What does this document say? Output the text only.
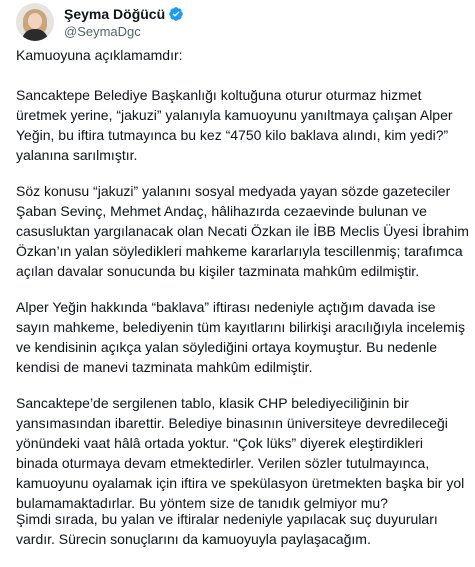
Şeyma Döğücü
@SeymaDgc

Kamuoyuna açıklamamdır:

Sancaktepe Belediye Başkanlığı koltuğuna oturur oturmaz hizmet
üretmek yerine, “jakuzi” yalanıyla kamuoyunu yanıltmaya çalışan Alper
Yeğin, bu iftira tutmayınca bu kez “4750 kilo baklava alındı, kim yedi?”
yalanına sarılmıştır.

Söz konusu “jakuzi” yalanını sosyal medyada yayan sözde gazeteciler
Şaban Sevinç, Mehmet Andaç, hâlihazırda cezaevinde bulunan ve
casusluktan yargılanacak olan Necati Özkan ile İBB Meclis Üyesi İbrahim
Özkan’ın yalan söyledikleri mahkeme kararlarıyla tescillenmiş; tarafımca
açılan davalar sonucunda bu kişiler tazminata mahkûm edilmiştir.

Alper Yeğin hakkında “baklava” iftirası nedeniyle açtığım davada ise
sayın mahkeme, belediyenin tüm kayıtlarını bilirkişi aracılığıyla incelemiş
ve kendisinin açıkça yalan söylediğini ortaya koymuştur. Bu nedenle
kendisi de manevi tazminata mahkûm edilmiştir.

Sancaktepe’de sergilenen tablo, klasik CHP belediyeciliğinin bir
yansımasından ibarettir. Belediye binasının üniversiteye devredileceği
yönündeki vaat hâlâ ortada yoktur. “Çok lüks” diyerek eleştirdikleri
binada oturmaya devam etmektedirler. Verilen sözler tutulmayınca,
kamuoyunu oyalamak için iftira ve spekülasyon üretmekten başka bir yol
bulamamaktadırlar. Bu yöntem size de tanıdık gelmiyor mu?

Şimdi sırada, bu yalan ve iftiralar nedeniyle yapılacak suç duyuruları
vardır. Sürecin sonuçlarını da kamuoyuyla paylaşacağım.
